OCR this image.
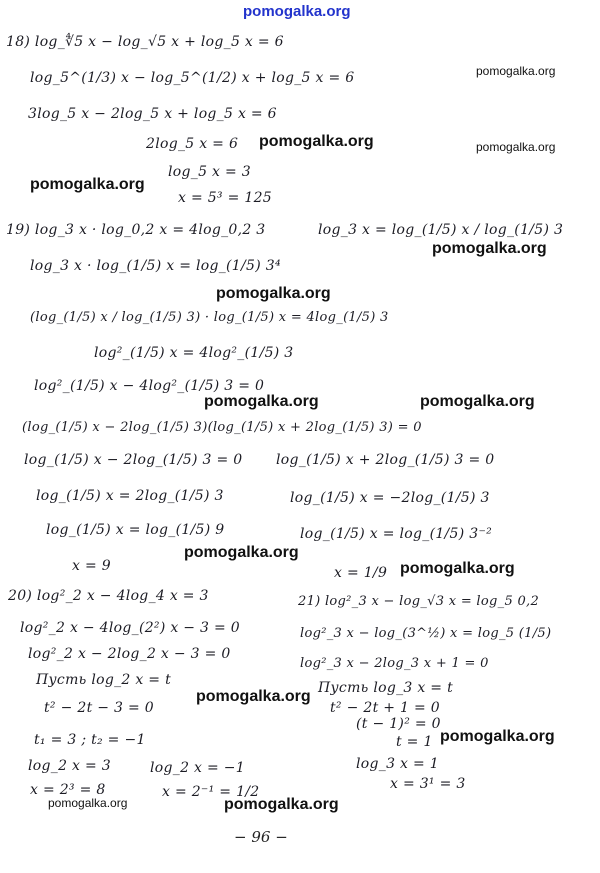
pomogalka.org
18) log_∜5 x − log_√5 x + log_5 x = 6
log_5^(1/3) x − log_5^(1/2) x + log_5 x = 6
3log_5 x − 2log_5 x + log_5 x = 6
2log_5 x = 6
log_5 x = 3
x = 5³ = 125
pomogalka.org
pomogalka.org	pomogalka.org
pomogalka.org
19) log_3 x · log_0,2 x = 4log_0,2 3	log_3 x = log_(1/5) x / log_(1/5) 3
pomogalka.org
log_3 x · log_(1/5) x = log_(1/5) 3⁴
pomogalka.org
(log_(1/5) x / log_(1/5) 3) · log_(1/5) x = 4log_(1/5) 3
log²_(1/5) x = 4log²_(1/5) 3
log²_(1/5) x − 4log²_(1/5) 3 = 0
pomogalka.org	pomogalka.org
(log_(1/5) x − 2log_(1/5) 3)(log_(1/5) x + 2log_(1/5) 3) = 0
log_(1/5) x − 2log_(1/5) 3 = 0
log_(1/5) x = 2log_(1/5) 3
log_(1/5) x = log_(1/5) 9
x = 9
log_(1/5) x + 2log_(1/5) 3 = 0
log_(1/5) x = −2log_(1/5) 3
log_(1/5) x = log_(1/5) 3⁻²
x = 1/9
pomogalka.org
pomogalka.org
20) log²_2 x − 4log_4 x = 3
log²_2 x − 4log_(2²) x − 3 = 0
log²_2 x − 2log_2 x − 3 = 0
Пусть log_2 x = t
t² − 2t − 3 = 0
t₁ = 3 ; t₂ = −1
log_2 x = 3
x = 2³ = 8
log_2 x = −1
x = 2⁻¹ = 1/2
pomogalka.org
pomogalka.org	pomogalka.org
21) log²_3 x − log_√3 x = log_5 0,2
log²_3 x − log_(3^½) x = log_5 (1/5)
log²_3 x − 2log_3 x + 1 = 0
Пусть log_3 x = t
t² − 2t + 1 = 0
(t − 1)² = 0
t = 1
log_3 x = 1
x = 3¹ = 3
pomogalka.org
− 96 −
